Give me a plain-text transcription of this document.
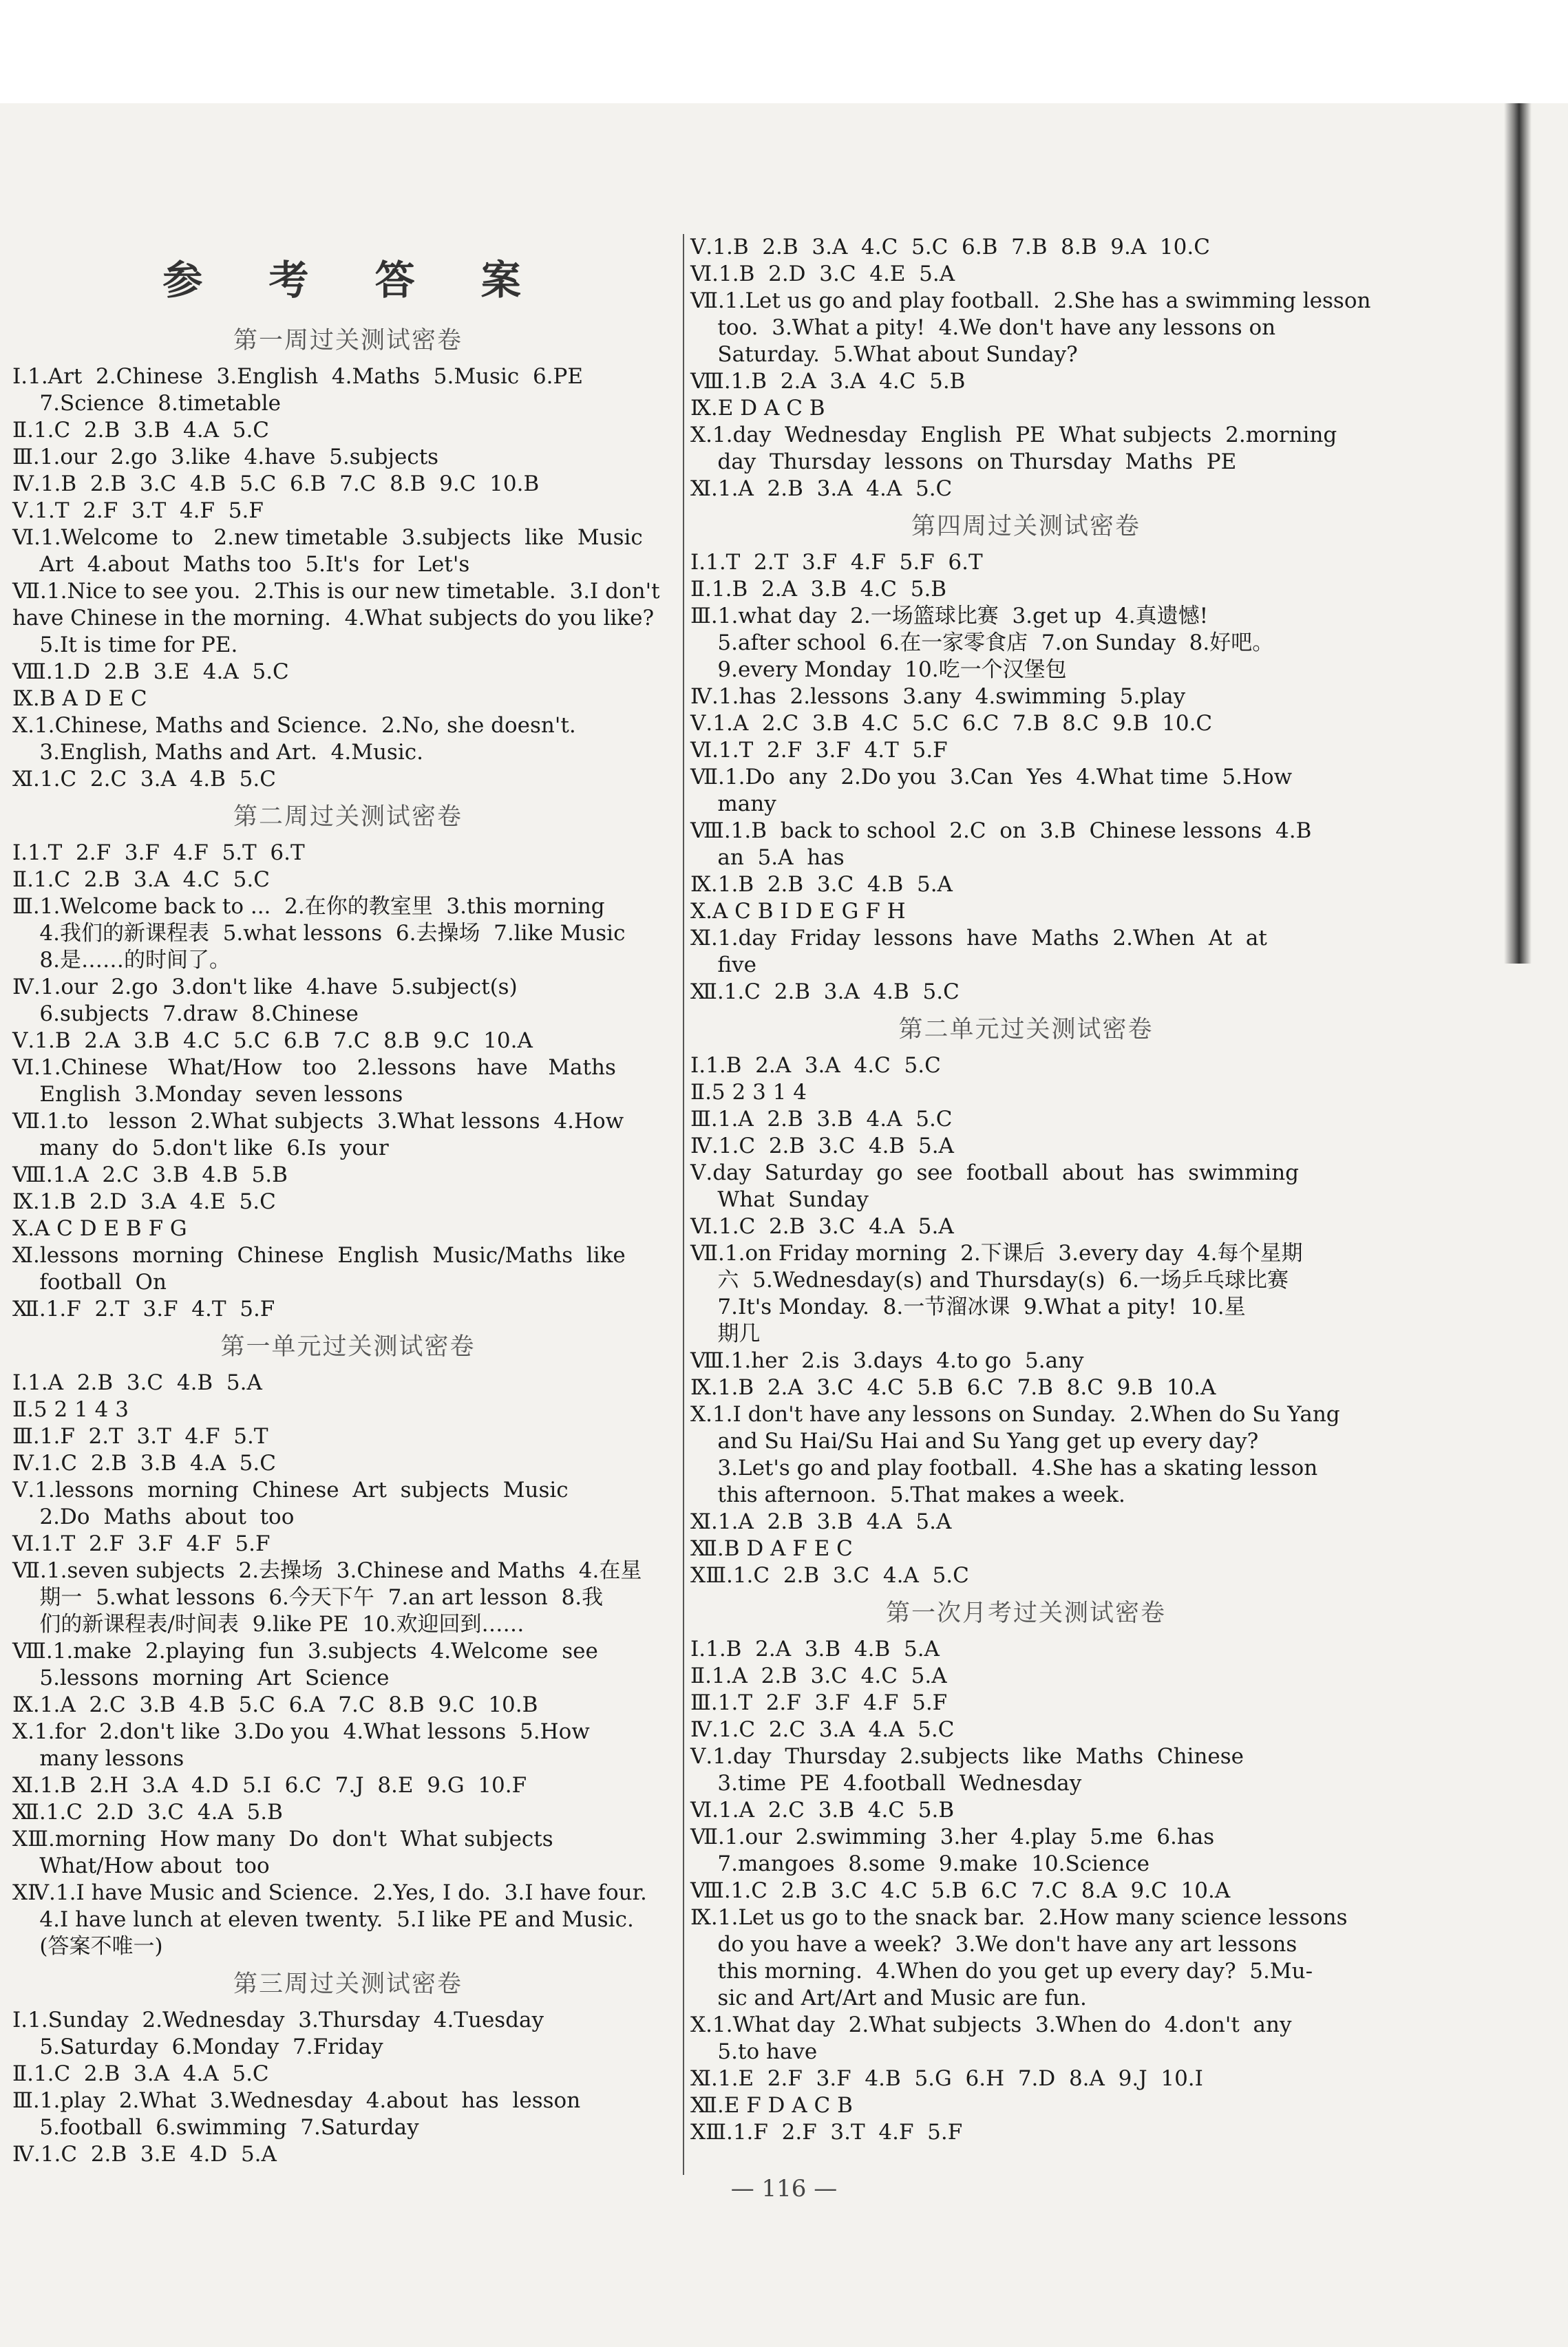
参 考 答 案
第一周过关测试密卷
Ⅰ.1.Art  2.Chinese  3.English  4.Maths  5.Music  6.PE
7.Science  8.timetable
Ⅱ.1.C  2.B  3.B  4.A  5.C
Ⅲ.1.our  2.go  3.like  4.have  5.subjects
Ⅳ.1.B  2.B  3.C  4.B  5.C  6.B  7.C  8.B  9.C  10.B
Ⅴ.1.T  2.F  3.T  4.F  5.F
Ⅵ.1.Welcome  to   2.new timetable  3.subjects  like  Music
Art  4.about  Maths too  5.It's  for  Let's
Ⅶ.1.Nice to see you.  2.This is our new timetable.  3.I don't
have Chinese in the morning.  4.What subjects do you like?
5.It is time for PE.
Ⅷ.1.D  2.B  3.E  4.A  5.C
Ⅸ.B A D E C
Ⅹ.1.Chinese, Maths and Science.  2.No, she doesn't.
3.English, Maths and Art.  4.Music.
Ⅺ.1.C  2.C  3.A  4.B  5.C
第二周过关测试密卷
Ⅰ.1.T  2.F  3.F  4.F  5.T  6.T
Ⅱ.1.C  2.B  3.A  4.C  5.C
Ⅲ.1.Welcome back to ...  2.在你的教室里  3.this morning
4.我们的新课程表  5.what lessons  6.去操场  7.like Music
8.是……的时间了。
Ⅳ.1.our  2.go  3.don't like  4.have  5.subject(s)
6.subjects  7.draw  8.Chinese
Ⅴ.1.B  2.A  3.B  4.C  5.C  6.B  7.C  8.B  9.C  10.A
Ⅵ.1.Chinese   What/How   too   2.lessons   have   Maths
English  3.Monday  seven lessons
Ⅶ.1.to   lesson  2.What subjects  3.What lessons  4.How
many  do  5.don't like  6.Is  your
Ⅷ.1.A  2.C  3.B  4.B  5.B
Ⅸ.1.B  2.D  3.A  4.E  5.C
Ⅹ.A C D E B F G
Ⅺ.lessons  morning  Chinese  English  Music/Maths  like
football  On
Ⅻ.1.F  2.T  3.F  4.T  5.F
第一单元过关测试密卷
Ⅰ.1.A  2.B  3.C  4.B  5.A
Ⅱ.5 2 1 4 3
Ⅲ.1.F  2.T  3.T  4.F  5.T
Ⅳ.1.C  2.B  3.B  4.A  5.C
Ⅴ.1.lessons  morning  Chinese  Art  subjects  Music
2.Do  Maths  about  too
Ⅵ.1.T  2.F  3.F  4.F  5.F
Ⅶ.1.seven subjects  2.去操场  3.Chinese and Maths  4.在星
期一  5.what lessons  6.今天下午  7.an art lesson  8.我
们的新课程表/时间表  9.like PE  10.欢迎回到……
Ⅷ.1.make  2.playing  fun  3.subjects  4.Welcome  see
5.lessons  morning  Art  Science
Ⅸ.1.A  2.C  3.B  4.B  5.C  6.A  7.C  8.B  9.C  10.B
Ⅹ.1.for  2.don't like  3.Do you  4.What lessons  5.How
many lessons
Ⅺ.1.B  2.H  3.A  4.D  5.I  6.C  7.J  8.E  9.G  10.F
Ⅻ.1.C  2.D  3.C  4.A  5.B
ⅩⅢ.morning  How many  Do  don't  What subjects
What/How about  too
ⅩⅣ.1.I have Music and Science.  2.Yes, I do.  3.I have four.
4.I have lunch at eleven twenty.  5.I like PE and Music.
(答案不唯一)
第三周过关测试密卷
Ⅰ.1.Sunday  2.Wednesday  3.Thursday  4.Tuesday
5.Saturday  6.Monday  7.Friday
Ⅱ.1.C  2.B  3.A  4.A  5.C
Ⅲ.1.play  2.What  3.Wednesday  4.about  has  lesson
5.football  6.swimming  7.Saturday
Ⅳ.1.C  2.B  3.E  4.D  5.A
Ⅴ.1.B  2.B  3.A  4.C  5.C  6.B  7.B  8.B  9.A  10.C
Ⅵ.1.B  2.D  3.C  4.E  5.A
Ⅶ.1.Let us go and play football.  2.She has a swimming lesson
too.  3.What a pity!  4.We don't have any lessons on
Saturday.  5.What about Sunday?
Ⅷ.1.B  2.A  3.A  4.C  5.B
Ⅸ.E D A C B
Ⅹ.1.day  Wednesday  English  PE  What subjects  2.morning
day  Thursday  lessons  on Thursday  Maths  PE
Ⅺ.1.A  2.B  3.A  4.A  5.C
第四周过关测试密卷
Ⅰ.1.T  2.T  3.F  4.F  5.F  6.T
Ⅱ.1.B  2.A  3.B  4.C  5.B
Ⅲ.1.what day  2.一场篮球比赛  3.get up  4.真遗憾!
5.after school  6.在一家零食店  7.on Sunday  8.好吧。
9.every Monday  10.吃一个汉堡包
Ⅳ.1.has  2.lessons  3.any  4.swimming  5.play
Ⅴ.1.A  2.C  3.B  4.C  5.C  6.C  7.B  8.C  9.B  10.C
Ⅵ.1.T  2.F  3.F  4.T  5.F
Ⅶ.1.Do  any  2.Do you  3.Can  Yes  4.What time  5.How
many
Ⅷ.1.B  back to school  2.C  on  3.B  Chinese lessons  4.B
an  5.A  has
Ⅸ.1.B  2.B  3.C  4.B  5.A
Ⅹ.A C B I D E G F H
Ⅺ.1.day  Friday  lessons  have  Maths  2.When  At  at
five
Ⅻ.1.C  2.B  3.A  4.B  5.C
第二单元过关测试密卷
Ⅰ.1.B  2.A  3.A  4.C  5.C
Ⅱ.5 2 3 1 4
Ⅲ.1.A  2.B  3.B  4.A  5.C
Ⅳ.1.C  2.B  3.C  4.B  5.A
Ⅴ.day  Saturday  go  see  football  about  has  swimming
What  Sunday
Ⅵ.1.C  2.B  3.C  4.A  5.A
Ⅶ.1.on Friday morning  2.下课后  3.every day  4.每个星期
六  5.Wednesday(s) and Thursday(s)  6.一场乒乓球比赛
7.It's Monday.  8.一节溜冰课  9.What a pity!  10.星
期几
Ⅷ.1.her  2.is  3.days  4.to go  5.any
Ⅸ.1.B  2.A  3.C  4.C  5.B  6.C  7.B  8.C  9.B  10.A
Ⅹ.1.I don't have any lessons on Sunday.  2.When do Su Yang
and Su Hai/Su Hai and Su Yang get up every day?
3.Let's go and play football.  4.She has a skating lesson
this afternoon.  5.That makes a week.
Ⅺ.1.A  2.B  3.B  4.A  5.A
Ⅻ.B D A F E C
ⅩⅢ.1.C  2.B  3.C  4.A  5.C
第一次月考过关测试密卷
Ⅰ.1.B  2.A  3.B  4.B  5.A
Ⅱ.1.A  2.B  3.C  4.C  5.A
Ⅲ.1.T  2.F  3.F  4.F  5.F
Ⅳ.1.C  2.C  3.A  4.A  5.C
Ⅴ.1.day  Thursday  2.subjects  like  Maths  Chinese
3.time  PE  4.football  Wednesday
Ⅵ.1.A  2.C  3.B  4.C  5.B
Ⅶ.1.our  2.swimming  3.her  4.play  5.me  6.has
7.mangoes  8.some  9.make  10.Science
Ⅷ.1.C  2.B  3.C  4.C  5.B  6.C  7.C  8.A  9.C  10.A
Ⅸ.1.Let us go to the snack bar.  2.How many science lessons
do you have a week?  3.We don't have any art lessons
this morning.  4.When do you get up every day?  5.Mu-
sic and Art/Art and Music are fun.
Ⅹ.1.What day  2.What subjects  3.When do  4.don't  any
5.to have
Ⅺ.1.E  2.F  3.F  4.B  5.G  6.H  7.D  8.A  9.J  10.I
Ⅻ.E F D A C B
ⅩⅢ.1.F  2.F  3.T  4.F  5.F
— 116 —
